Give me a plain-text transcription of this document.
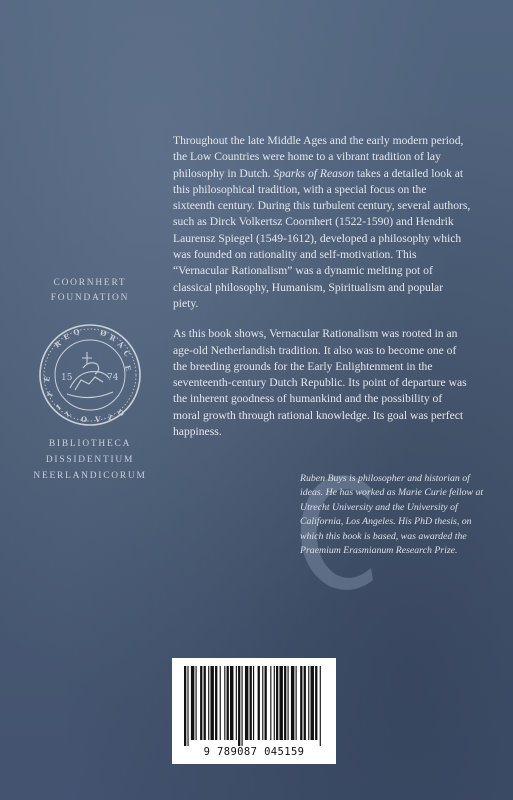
Throughout the late Middle Ages and the early modern period, the Low Countries were home to a vibrant tradition of lay philosophy in Dutch. Sparks of Reason takes a detailed look at this philosophical tradition, with a special focus on the sixteenth century. During this turbulent century, several authors, such as Dirck Volkertsz Coornhert (1522-1590) and Hendrik Laurensz Spiegel (1549-1612), developed a philosophy which was founded on rationality and self-motivation. This “Vernacular Rationalism” was a dynamic melting pot of classical philosophy, Humanism, Spiritualism and popular piety.

As this book shows, Vernacular Rationalism was rooted in an age-old Netherlandish tradition. It also was to become one of the breeding grounds for the Early Enlightenment in the seventeenth-century Dutch Republic. Its point of departure was the inherent goodness of humankind and the possibility of moral growth through rational knowledge. Its goal was perfect happiness.

COORNHERT
FOUNDATION
R
E Q	Ø R
A
C
E
E
T
I
L
O V T O
15	74
BIBLIOTHECA
DISSIDENTIUM
NEERLANDICORUM	Ruben Buys is philosopher and historian of ideas. He has worked as Marie Curie fellow at Utrecht University and the University of California, Los Angeles. His PhD thesis, on which this book is based, was awarded the Praemium Erasmianum Research Prize.
9 789087 045159
